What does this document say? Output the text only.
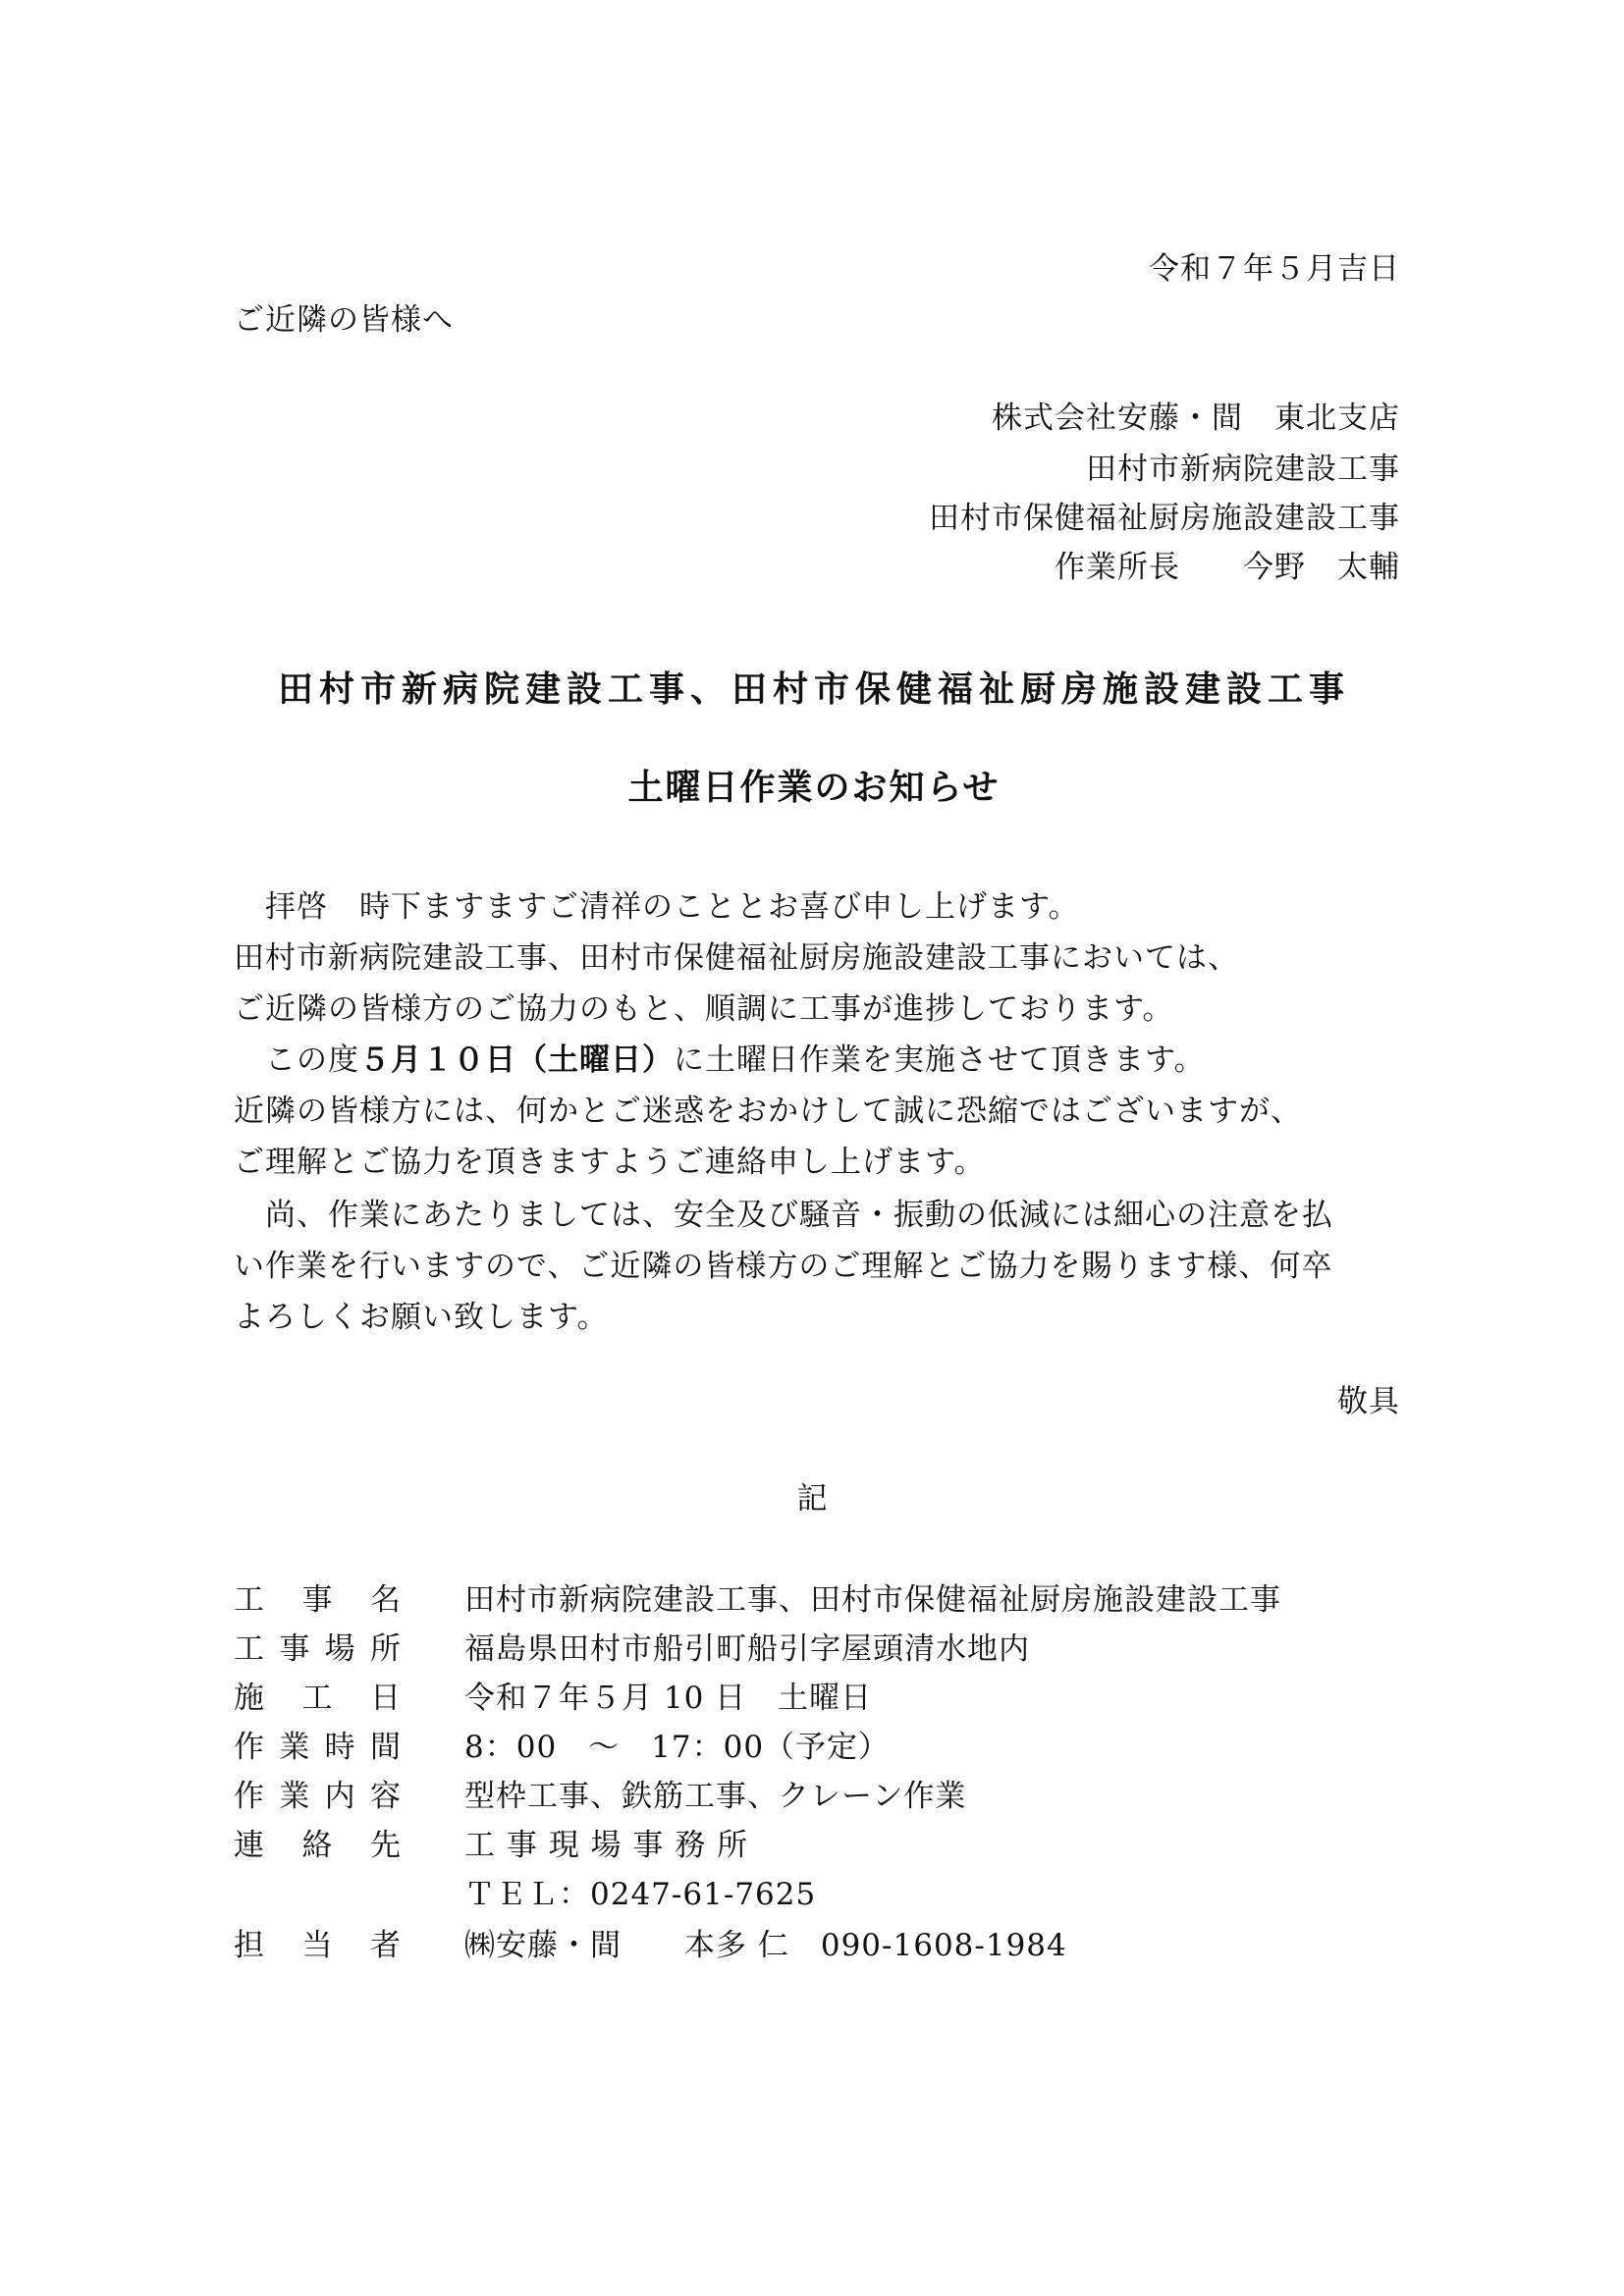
令和７年５月吉日
ご近隣の皆様へ
株式会社安藤・間　東北支店
田村市新病院建設工事
田村市保健福祉厨房施設建設工事
作業所長　　今野　太輔
田村市新病院建設工事、田村市保健福祉厨房施設建設工事
土曜日作業のお知らせ
拝啓　時下ますますご清祥のこととお喜び申し上げます。
田村市新病院建設工事、田村市保健福祉厨房施設建設工事においては、
ご近隣の皆様方のご協力のもと、順調に工事が進捗しております。
この度５月１０日（土曜日）に土曜日作業を実施させて頂きます。
近隣の皆様方には、何かとご迷惑をおかけして誠に恐縮ではございますが、
ご理解とご協力を頂きますようご連絡申し上げます。
尚、作業にあたりましては、安全及び騒音・振動の低減には細心の注意を払
い作業を行いますので、ご近隣の皆様方のご理解とご協力を賜ります様、何卒
よろしくお願い致します。
敬具
記
工 事 名 田村市新病院建設工事、田村市保健福祉厨房施設建設工事
工 事 場 所 福島県田村市船引町船引字屋頭清水地内
施 工 日 令和７年５月 10 日　土曜日
作 業 時 間 8：00　～　17：00（予定）
作 業 内 容 型枠工事、鉄筋工事、クレーン作業
連 絡 先 工 事 現 場 事 務 所
ＴＥＬ：0247-61-7625
担 当 者 ㈱安藤・間　　本多 仁　090-1608-1984
